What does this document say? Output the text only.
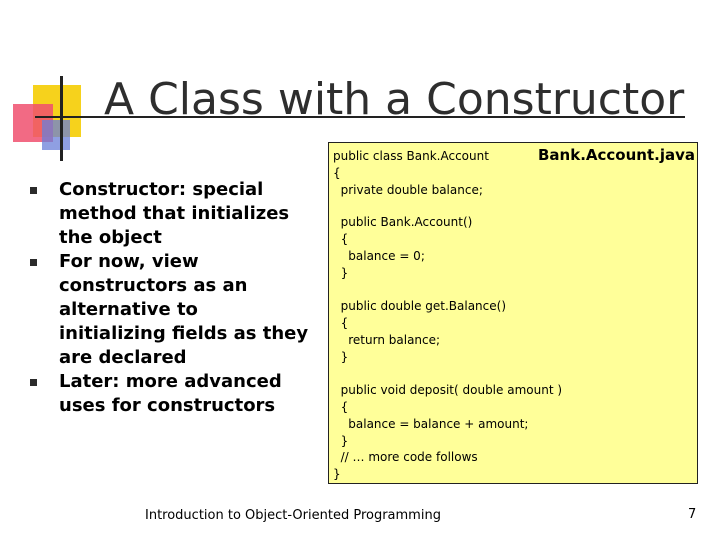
A Class with a Constructor
Constructor: special method that initializes the object
For now, view constructors as an alternative to initializing fields as they are declared
Later: more advanced uses for constructors
Bank.Account.java
public class Bank.Account
{
private double balance;
public Bank.Account()
{
balance = 0;
}
public double get.Balance()
{
return balance;
}
public void deposit( double amount )
{
balance = balance + amount;
}
// … more code follows
}
Introduction to Object-Oriented Programming	7
